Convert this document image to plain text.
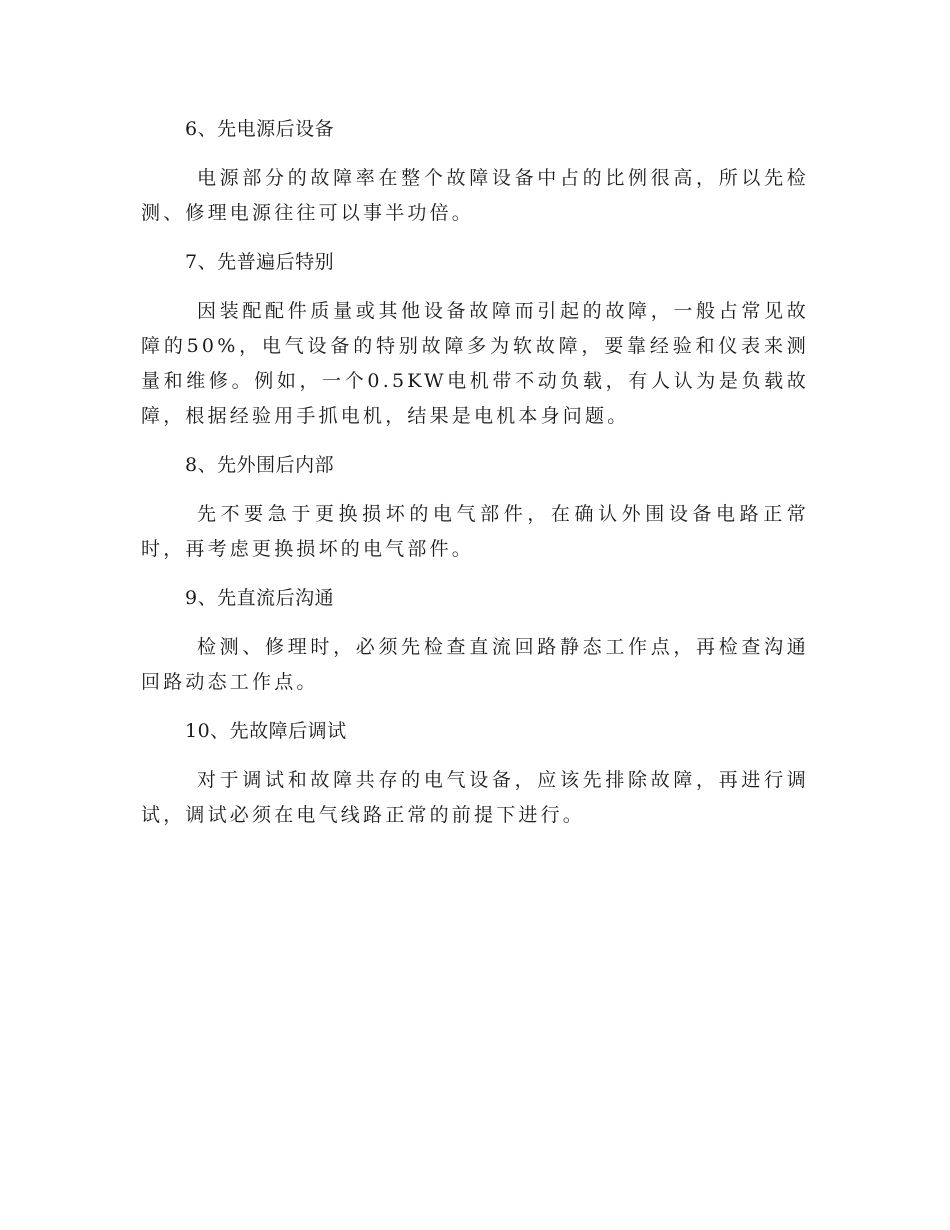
6、先电源后设备
电源部分的故障率在整个故障设备中占的比例很高，所以先检测、修理电源往往可以事半功倍。
7、先普遍后特别
因装配配件质量或其他设备故障而引起的故障，一般占常见故障的50%，电气设备的特别故障多为软故障，要靠经验和仪表来测量和维修。例如，一个0.5KW电机带不动负载，有人认为是负载故障，根据经验用手抓电机，结果是电机本身问题。
8、先外围后内部
先不要急于更换损坏的电气部件，在确认外围设备电路正常时，再考虑更换损坏的电气部件。
9、先直流后沟通
检测、修理时，必须先检查直流回路静态工作点，再检查沟通回路动态工作点。
10、先故障后调试
对于调试和故障共存的电气设备，应该先排除故障，再进行调试，调试必须在电气线路正常的前提下进行。
